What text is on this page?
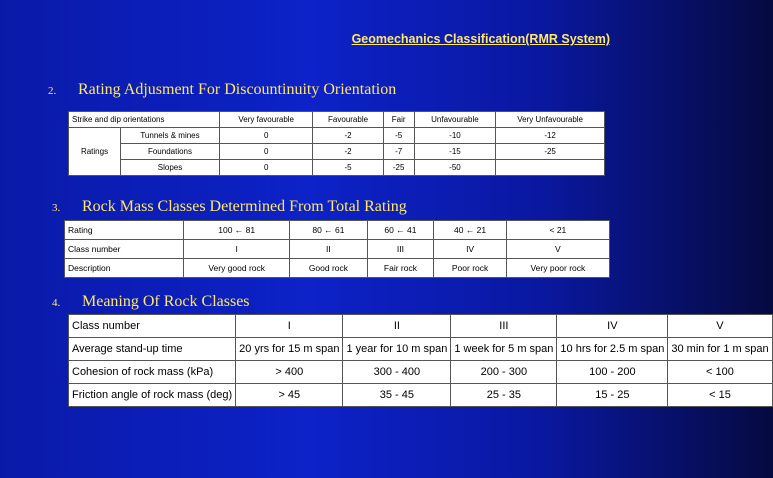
Geomechanics Classification(RMR System)
2. Rating Adjusment For Discountinuity Orientation
Strike and dip orientations		Very favourable	Favourable	Fair	Unfavourable	Very Unfavourable
Ratings	Tunnels & mines	0	-2	-5	-10	-12
	Foundations	0	-2	-7	-15	-25
	Slopes	0	-5	-25	-50	
3. Rock Mass Classes Determined From Total Rating
Rating	100 ← 81	80 ← 61	60 ← 41	40 ← 21	< 21
Class number	I	II	III	IV	V
Description	Very good rock	Good rock	Fair rock	Poor rock	Very poor rock
4. Meaning Of Rock Classes
Class number	I	II	III	IV	V
Average stand-up time	20 yrs for 15 m span	1 year for 10 m span	1 week for 5 m span	10 hrs for 2.5 m span	30 min for 1 m span
Cohesion of rock mass (kPa)	> 400	300 - 400	200 - 300	100 - 200	< 100
Friction angle of rock mass (deg)	> 45	35 - 45	25 - 35	15 - 25	< 15
